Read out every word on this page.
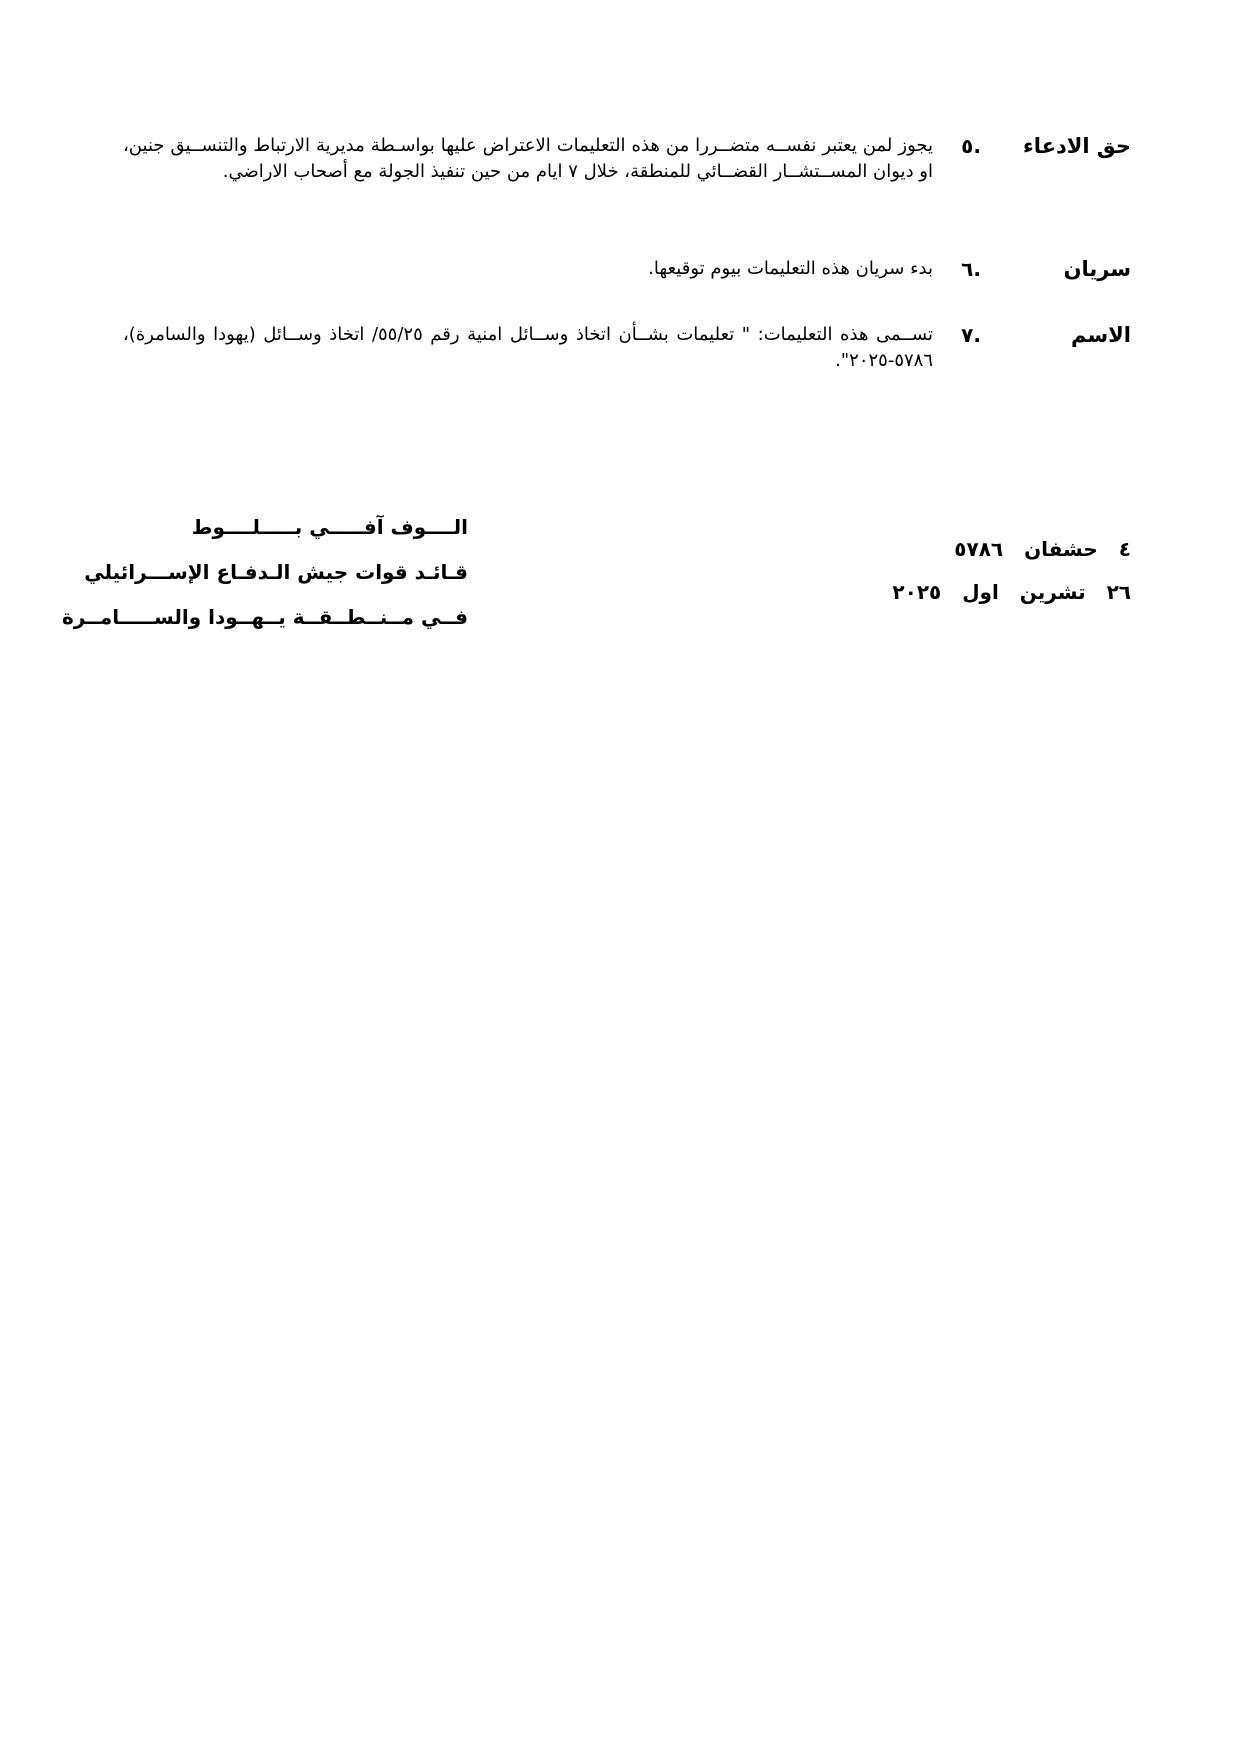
حق الادعاء
.٥
يجوز لمن يعتبر نفســه متضــررا من هذه التعليمات الاعتراض عليها بواسـطة مديرية الارتباط والتنســيق جنين، او ديوان المســتشــار القضــائي للمنطقة، خلال ٧ ايام من حين تنفيذ الجولة مع أصحاب الاراضي.
سريان
.٦
بدء سريان هذه التعليمات بيوم توقيعها.
الاسم
.٧
تســمى هذه التعليمات: " تعليمات بشــأن اتخاذ وســائل امنية رقم ٥٥/٢٥/ اتخاذ وســائل (يهودا والسامرة)، ٥٧٨٦-٢٠٢٥".
٤ حشفان ٥٧٨٦
٢٦ تشرين اول ٢٠٢٥
الــــوف آفـــــي بـــــلــــوط
قـائـد قوات جيش الـدفـاع الإســـرائيلي
فــي مــنــطــقــة يــهــودا والســـــامــرة
